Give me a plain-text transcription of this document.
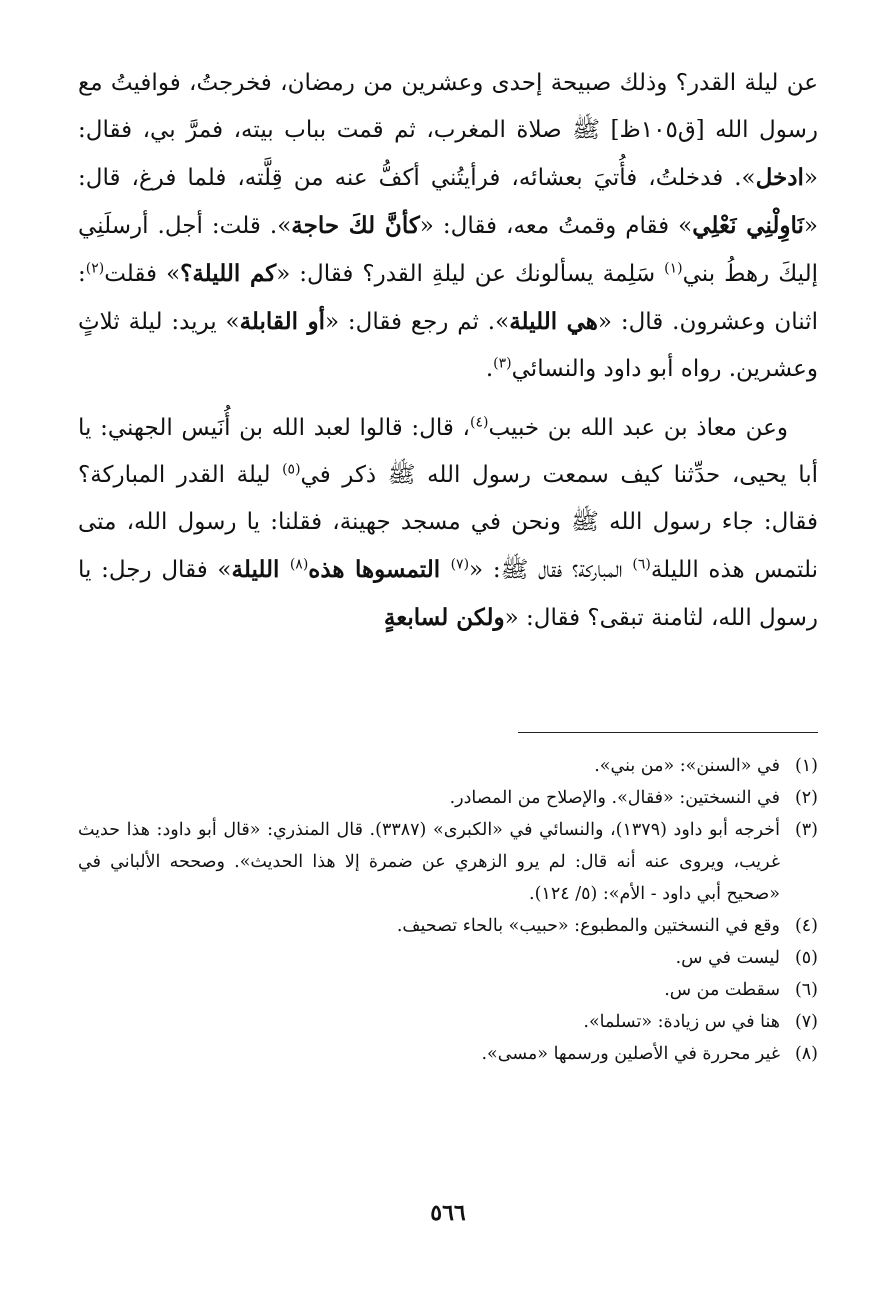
عن ليلة القدر؟ وذلك صبيحة إحدى وعشرين من رمضان، فخرجتُ، فوافيتُ مع رسول الله [ق١٠٥ظ] ﷺ صلاة المغرب، ثم قمت بباب بيته، فمرَّ بي، فقال: «ادخل». فدخلتُ، فأُتيَ بعشائه، فرأيتُني أكفُّ عنه من قِلَّته، فلما فرغ، قال: «نَاوِلْنِي نَعْلِي» فقام وقمتُ معه، فقال: «كأنَّ لكَ حاجة». قلت: أجل. أرسلَنِي إليكَ رهطُ بني$^{(١)}$ سَلِمة يسألونك عن ليلةِ القدر؟ فقال: «كم الليلة؟» فقلت$^{(٢)}$: اثنان وعشرون. قال: «هي الليلة». ثم رجع فقال: «أو القابلة» يريد: ليلة ثلاثٍ وعشرين. رواه أبو داود والنسائي$^{(٣)}$.

وعن معاذ بن عبد الله بن خبيب$^{(٤)}$، قال: قالوا لعبد الله بن أُنَيس الجهني: يا أبا يحيى، حدِّثنا كيف سمعت رسول الله ﷺ ذكر في$^{(٥)}$ ليلة القدر المباركة؟ فقال: جاء رسول الله ﷺ ونحن في مسجد جهينة، فقلنا: يا رسول الله، متى نلتمس هذه الليلة$^{(٦)}$ المباركة؟ فقال ﷺ: «$^{(٧)}$ التمسوها هذه$^{(٨)}$ الليلة» فقال رجل: يا رسول الله، لثامنة تبقى؟ فقال: «ولكن لسابعةٍ

(١)
في «السنن»: «من بني».
(٢)
في النسختين: «فقال». والإصلاح من المصادر.
(٣)
أخرجه أبو داود (١٣٧٩)، والنسائي في «الكبرى» (٣٣٨٧). قال المنذري: «قال أبو داود: هذا حديث غريب، ويروى عنه أنه قال: لم يرو الزهري عن ضمرة إلا هذا الحديث». وصححه الألباني في «صحيح أبي داود - الأم»: (٥/ ١٢٤).
(٤)
وقع في النسختين والمطبوع: «حبيب» بالحاء تصحيف.
(٥)
ليست في س.
(٦)
سقطت من س.
(٧)
هنا في س زيادة: «تسلما».
(٨)
غير محررة في الأصلين ورسمها «مسى».
٥٦٦
